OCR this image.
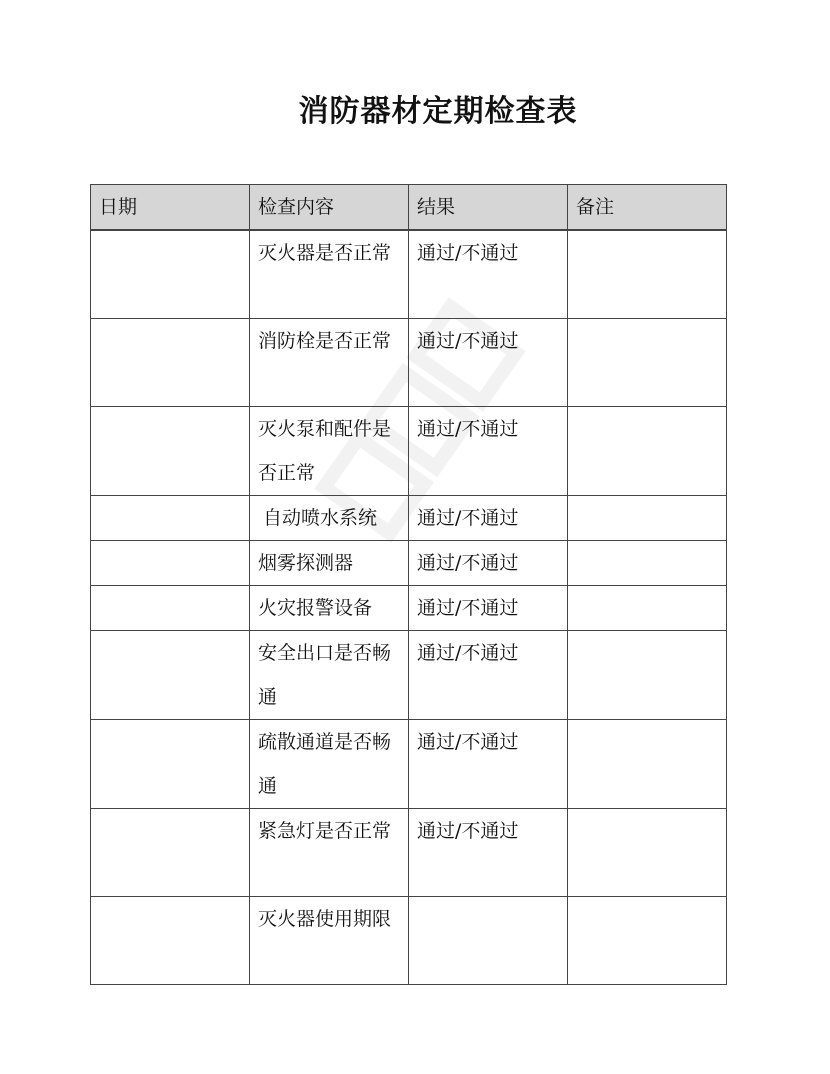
消防器材定期检查表
日期	检查内容	结果	备注
	灭火器是否正常	通过/不通过	
	消防栓是否正常	通过/不通过	
	灭火泵和配件是否正常	通过/不通过	
	自动喷水系统	通过/不通过	
	烟雾探测器	通过/不通过	
	火灾报警设备	通过/不通过	
	安全出口是否畅通	通过/不通过	
	疏散通道是否畅通	通过/不通过	
	紧急灯是否正常	通过/不通过	
	灭火器使用期限		
